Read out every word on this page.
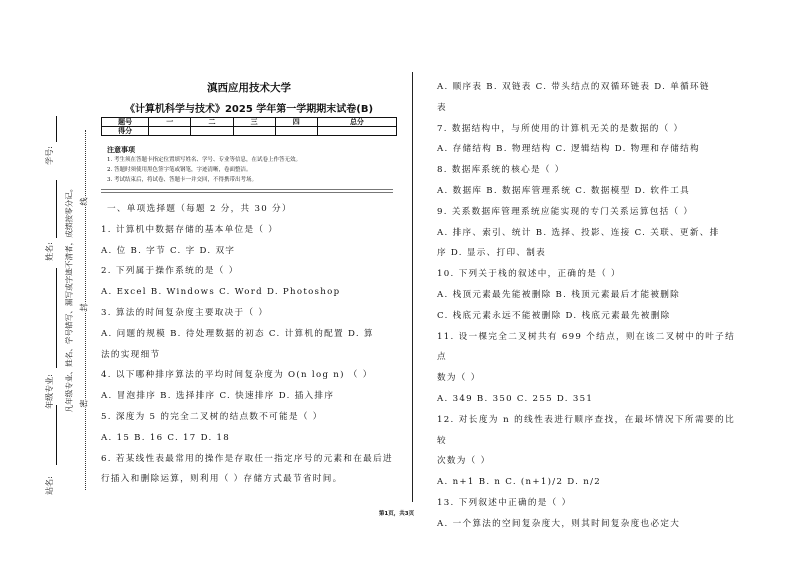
学号:
姓名:
年级专业:
站名:
凡年级专业、姓名、学号错写、漏写或字迹不清者，成绩按零分记。 密
封
线
滇西应用技术大学
《计算机科学与技术》2025 学年第一学期期末试卷(B)
题号	一	二	三	四	总分
得分					
注意事项
1. 考生须在答题卡指定位置填写姓名、学号、专业等信息，在试卷上作答无效。
2. 答题时须使用黑色签字笔或钢笔，字迹清晰，卷面整洁。
3. 考试结束后，将试卷、答题卡一并交回，不得携带出考场。
一、单项选择题（每题 2 分，共 30 分）
1. 计算机中数据存储的基本单位是（ ）
A. 位 B. 字节 C. 字 D. 双字
2. 下列属于操作系统的是（ ）
A. Excel B. Windows C. Word D. Photoshop
3. 算法的时间复杂度主要取决于（ ）
A. 问题的规模 B. 待处理数据的初态 C. 计算机的配置 D. 算
法的实现细节
4. 以下哪种排序算法的平均时间复杂度为 O(n log n) （ ）
A. 冒泡排序 B. 选择排序 C. 快速排序 D. 插入排序
5. 深度为 5 的完全二叉树的结点数不可能是（ ）
A. 15 B. 16 C. 17 D. 18
6. 若某线性表最常用的操作是存取任一指定序号的元素和在最后进
行插入和删除运算，则利用（ ）存储方式最节省时间。
A. 顺序表 B. 双链表 C. 带头结点的双循环链表 D. 单循环链
表
7. 数据结构中，与所使用的计算机无关的是数据的（ ）
A. 存储结构 B. 物理结构 C. 逻辑结构 D. 物理和存储结构
8. 数据库系统的核心是（ ）
A. 数据库 B. 数据库管理系统 C. 数据模型 D. 软件工具
9. 关系数据库管理系统应能实现的专门关系运算包括（ ）
A. 排序、索引、统计 B. 选择、投影、连接 C. 关联、更新、排
序 D. 显示、打印、制表
10. 下列关于栈的叙述中，正确的是（ ）
A. 栈顶元素最先能被删除 B. 栈顶元素最后才能被删除
C. 栈底元素永远不能被删除 D. 栈底元素最先被删除
11. 设一棵完全二叉树共有 699 个结点，则在该二叉树中的叶子结点
数为（ ）
A. 349 B. 350 C. 255 D. 351
12. 对长度为 n 的线性表进行顺序查找，在最坏情况下所需要的比较
次数为（ ）
A. n+1 B. n C. (n+1)/2 D. n/2
13. 下列叙述中正确的是（ ）
A. 一个算法的空间复杂度大，则其时间复杂度也必定大
第1页，共3页
